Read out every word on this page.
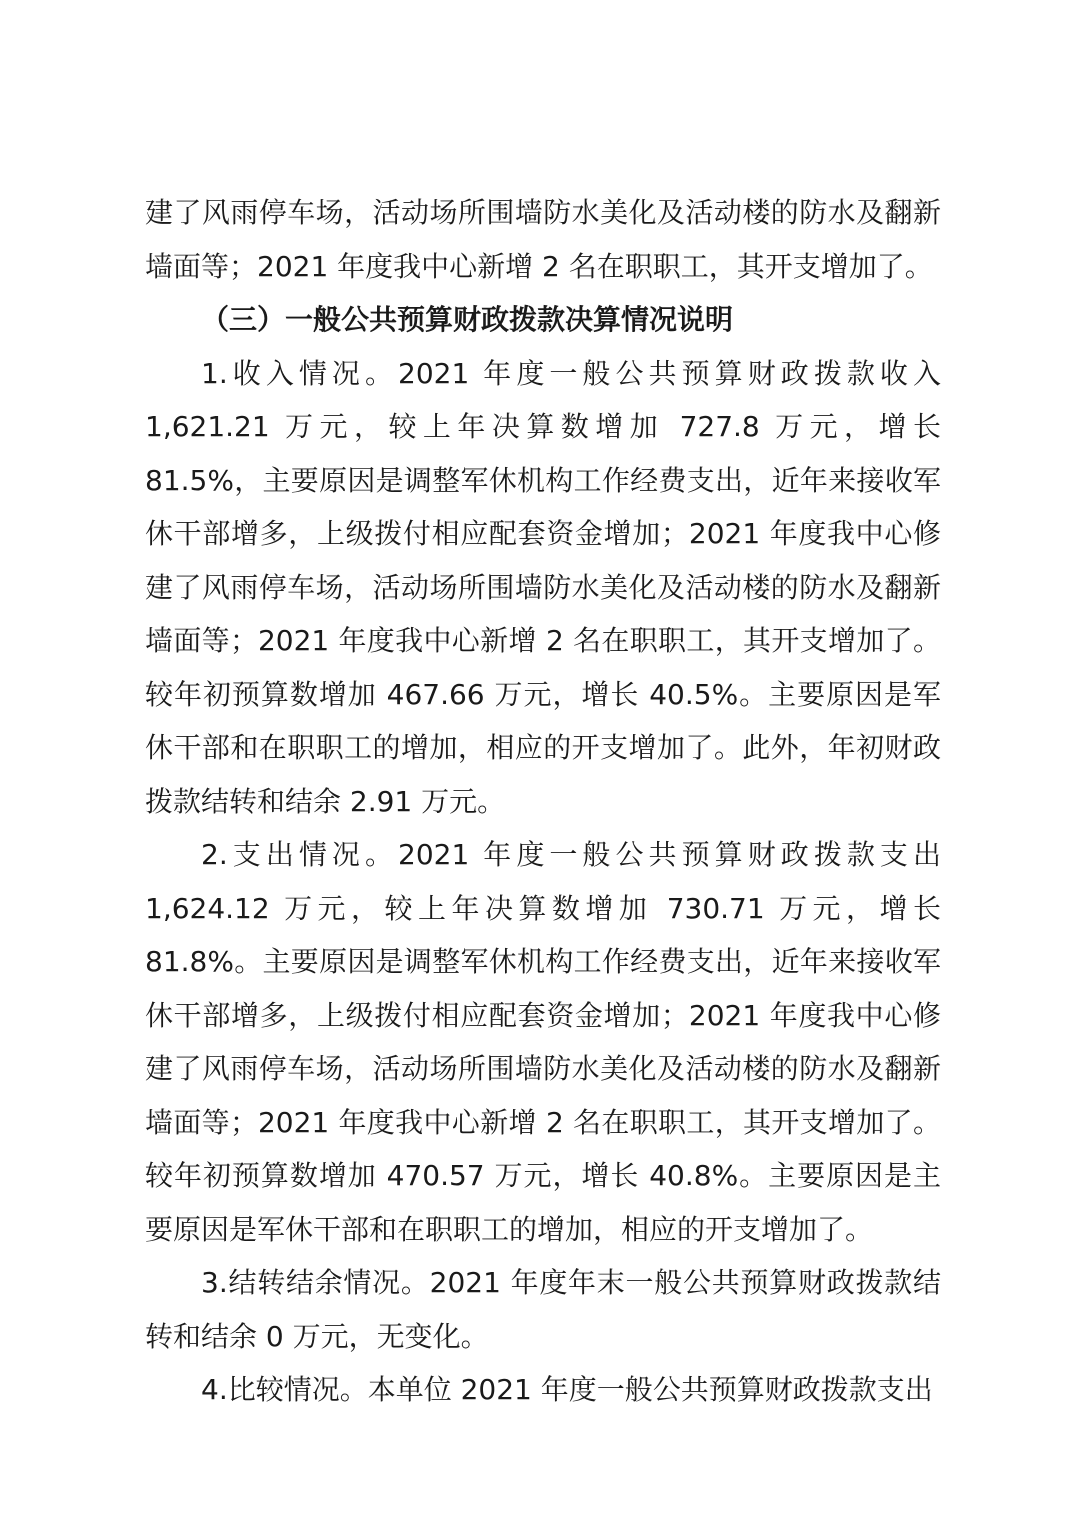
建了风雨停车场，活动场所围墙防水美化及活动楼的防水及翻新墙面等；2021 年度我中心新增 2 名在职职工，其开支增加了。

（三）一般公共预算财政拨款决算情况说明

1.收入情况。2021 年度一般公共预算财政拨款收入 1,621.21 万元，较上年决算数增加 727.8 万元，增长 81.5%，主要原因是调整军休机构工作经费支出，近年来接收军休干部增多，上级拨付相应配套资金增加；2021 年度我中心修建了风雨停车场，活动场所围墙防水美化及活动楼的防水及翻新墙面等；2021 年度我中心新增 2 名在职职工，其开支增加了。较年初预算数增加 467.66 万元，增长 40.5%。主要原因是军休干部和在职职工的增加，相应的开支增加了。此外，年初财政拨款结转和结余 2.91 万元。

2.支出情况。2021 年度一般公共预算财政拨款支出 1,624.12 万元，较上年决算数增加 730.71 万元，增长 81.8%。主要原因是调整军休机构工作经费支出，近年来接收军休干部增多，上级拨付相应配套资金增加；2021 年度我中心修建了风雨停车场，活动场所围墙防水美化及活动楼的防水及翻新墙面等；2021 年度我中心新增 2 名在职职工，其开支增加了。较年初预算数增加 470.57 万元，增长 40.8%。主要原因是主要原因是军休干部和在职职工的增加，相应的开支增加了。

3.结转结余情况。2021 年度年末一般公共预算财政拨款结转和结余 0 万元，无变化。

4.比较情况。本单位 2021 年度一般公共预算财政拨款支出
